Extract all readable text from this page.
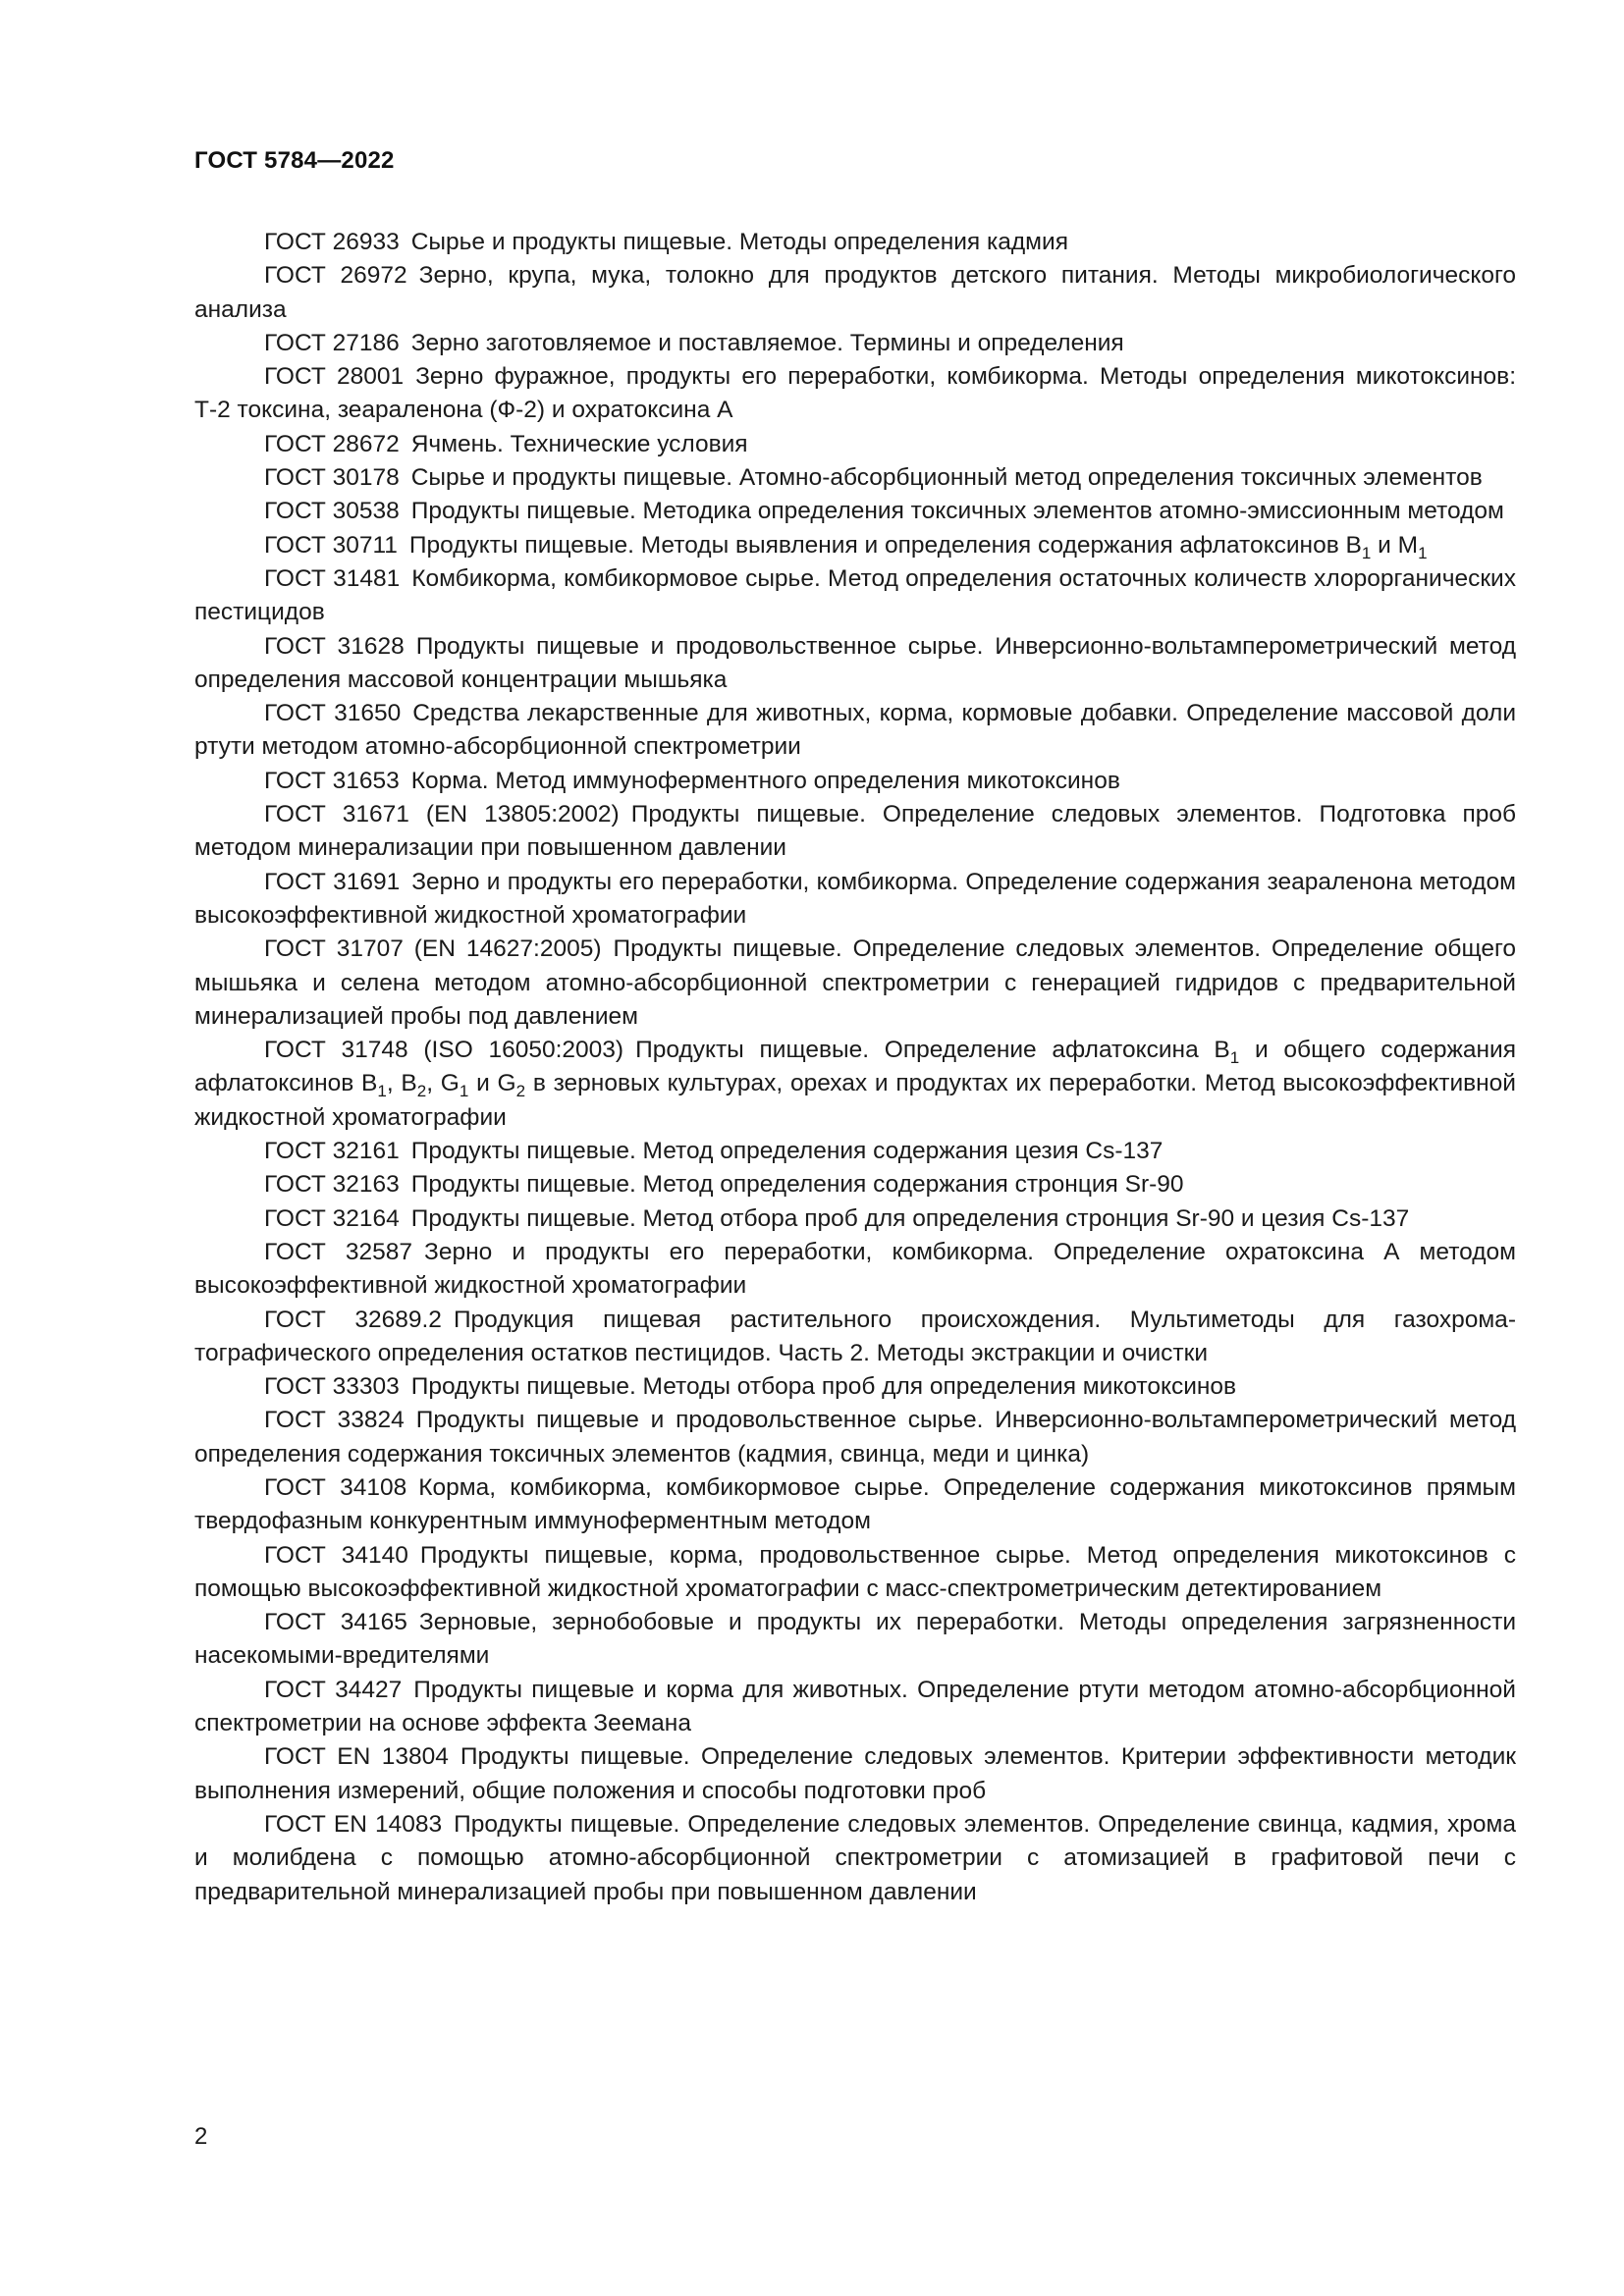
ГОСТ 5784—2022

ГОСТ 26933 Сырье и продукты пищевые. Методы определения кадмия

ГОСТ 26972 Зерно, крупа, мука, толокно для продуктов детского питания. Методы микробиологического анализа

ГОСТ 27186 Зерно заготовляемое и поставляемое. Термины и определения

ГОСТ 28001 Зерно фуражное, продукты его переработки, комбикорма. Методы определения микотоксинов: Т-2 токсина, зеараленона (Ф-2) и охратоксина А

ГОСТ 28672 Ячмень. Технические условия

ГОСТ 30178 Сырье и продукты пищевые. Атомно-абсорбционный метод определения токсичных элементов

ГОСТ 30538 Продукты пищевые. Методика определения токсичных элементов атомно-эмиссионным методом

ГОСТ 30711 Продукты пищевые. Методы выявления и определения содержания афлатоксинов $B_1$ и $M_1$

ГОСТ 31481 Комбикорма, комбикормовое сырье. Метод определения остаточных количеств хлорорганических пестицидов

ГОСТ 31628 Продукты пищевые и продовольственное сырье. Инверсионно-вольтамперометрический метод определения массовой концентрации мышьяка

ГОСТ 31650 Средства лекарственные для животных, корма, кормовые добавки. Определение массовой доли ртути методом атомно-абсорбционной спектрометрии

ГОСТ 31653 Корма. Метод иммуноферментного определения микотоксинов

ГОСТ 31671 (EN 13805:2002) Продукты пищевые. Определение следовых элементов. Подготовка проб методом минерализации при повышенном давлении

ГОСТ 31691 Зерно и продукты его переработки, комбикорма. Определение содержания зеараленона методом высокоэффективной жидкостной хроматографии

ГОСТ 31707 (EN 14627:2005) Продукты пищевые. Определение следовых элементов. Определение общего мышьяка и селена методом атомно-абсорбционной спектрометрии с генерацией гидридов с предварительной минерализацией пробы под давлением

ГОСТ 31748 (ISO 16050:2003) Продукты пищевые. Определение афлатоксина $B_1$ и общего содержания афлатоксинов $B_1$, $B_2$, $G_1$ и $G_2$ в зерновых культурах, орехах и продуктах их переработки. Метод высокоэффективной жидкостной хроматографии

ГОСТ 32161 Продукты пищевые. Метод определения содержания цезия Cs-137

ГОСТ 32163 Продукты пищевые. Метод определения содержания стронция Sr-90

ГОСТ 32164 Продукты пищевые. Метод отбора проб для определения стронция Sr-90 и цезия Cs-137

ГОСТ 32587 Зерно и продукты его переработки, комбикорма. Определение охратоксина А методом высокоэффективной жидкостной хроматографии

ГОСТ 32689.2 Продукция пищевая растительного происхождения. Мультиметоды для газохроматографического определения остатков пестицидов. Часть 2. Методы экстракции и очистки

ГОСТ 33303 Продукты пищевые. Методы отбора проб для определения микотоксинов

ГОСТ 33824 Продукты пищевые и продовольственное сырье. Инверсионно-вольтамперометрический метод определения содержания токсичных элементов (кадмия, свинца, меди и цинка)

ГОСТ 34108 Корма, комбикорма, комбикормовое сырье. Определение содержания микотоксинов прямым твердофазным конкурентным иммуноферментным методом

ГОСТ 34140 Продукты пищевые, корма, продовольственное сырье. Метод определения микотоксинов с помощью высокоэффективной жидкостной хроматографии с масс-спектрометрическим детектированием

ГОСТ 34165 Зерновые, зернобобовые и продукты их переработки. Методы определения загрязненности насекомыми-вредителями

ГОСТ 34427 Продукты пищевые и корма для животных. Определение ртути методом атомно-абсорбционной спектрометрии на основе эффекта Зеемана

ГОСТ EN 13804 Продукты пищевые. Определение следовых элементов. Критерии эффективности методик выполнения измерений, общие положения и способы подготовки проб

ГОСТ EN 14083 Продукты пищевые. Определение следовых элементов. Определение свинца, кадмия, хрома и молибдена с помощью атомно-абсорбционной спектрометрии с атомизацией в графитовой печи с предварительной минерализацией пробы при повышенном давлении

2
